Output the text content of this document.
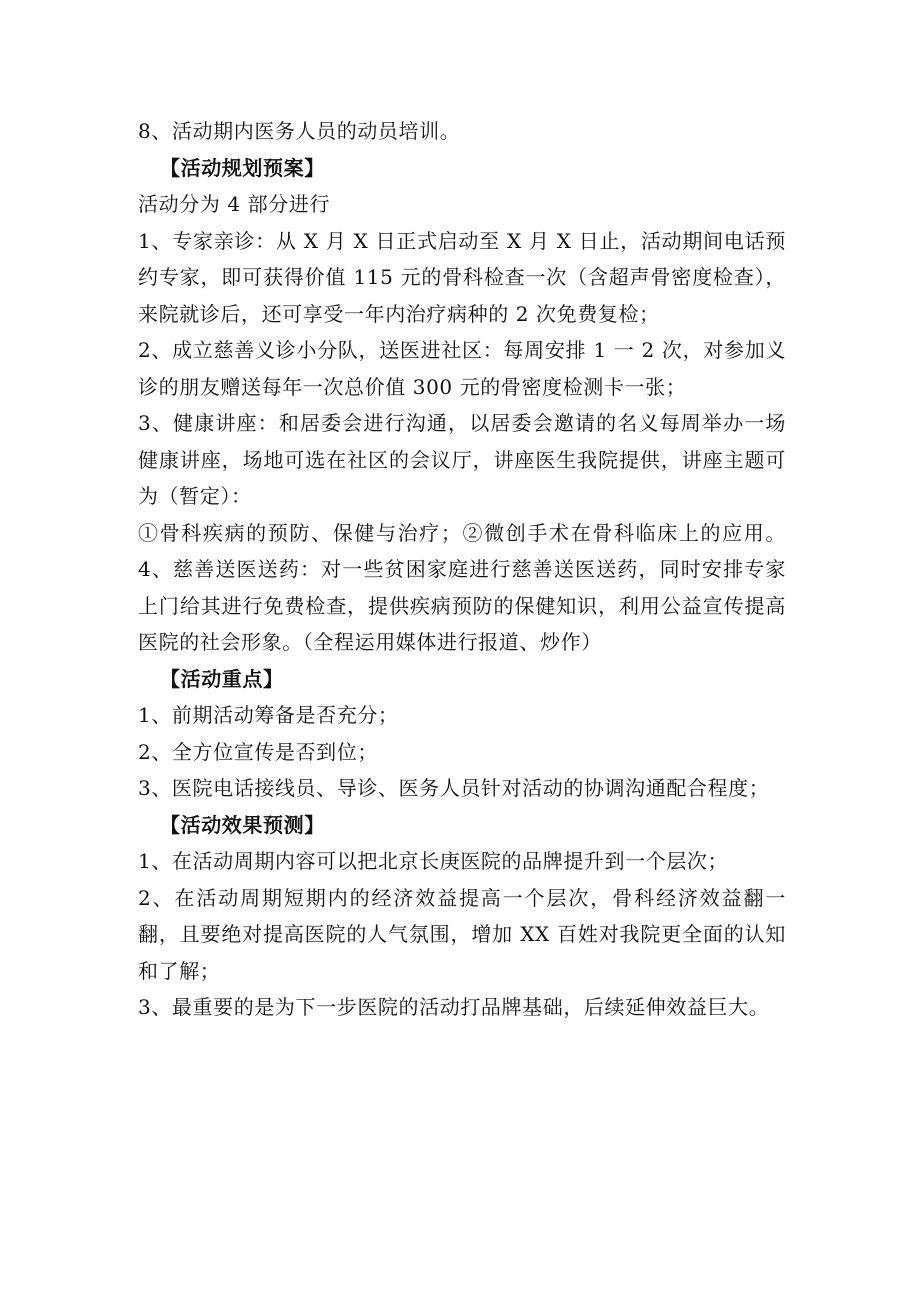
8、活动期内医务人员的动员培训。

【活动规划预案】

活动分为 4 部分进行

1、专家亲诊：从 X 月 X 日正式启动至 X 月 X 日止，活动期间电话预约专家，即可获得价值 115 元的骨科检查一次（含超声骨密度检查），来院就诊后，还可享受一年内治疗病种的 2 次免费复检；

2、成立慈善义诊小分队，送医进社区：每周安排 1 一 2 次，对参加义诊的朋友赠送每年一次总价值 300 元的骨密度检测卡一张；

3、健康讲座：和居委会进行沟通，以居委会邀请的名义每周举办一场健康讲座，场地可选在社区的会议厅，讲座医生我院提供，讲座主题可为（暂定）：

①骨科疾病的预防、保健与治疗；②微创手术在骨科临床上的应用。4、慈善送医送药：对一些贫困家庭进行慈善送医送药，同时安排专家上门给其进行免费检查，提供疾病预防的保健知识，利用公益宣传提高医院的社会形象。（全程运用媒体进行报道、炒作）

【活动重点】

1、前期活动筹备是否充分；

2、全方位宣传是否到位；

3、医院电话接线员、导诊、医务人员针对活动的协调沟通配合程度；

【活动效果预测】

1、在活动周期内容可以把北京长庚医院的品牌提升到一个层次；

2、在活动周期短期内的经济效益提高一个层次，骨科经济效益翻一翻，且要绝对提高医院的人气氛围，增加 XX 百姓对我院更全面的认知和了解；

3、最重要的是为下一步医院的活动打品牌基础，后续延伸效益巨大。
